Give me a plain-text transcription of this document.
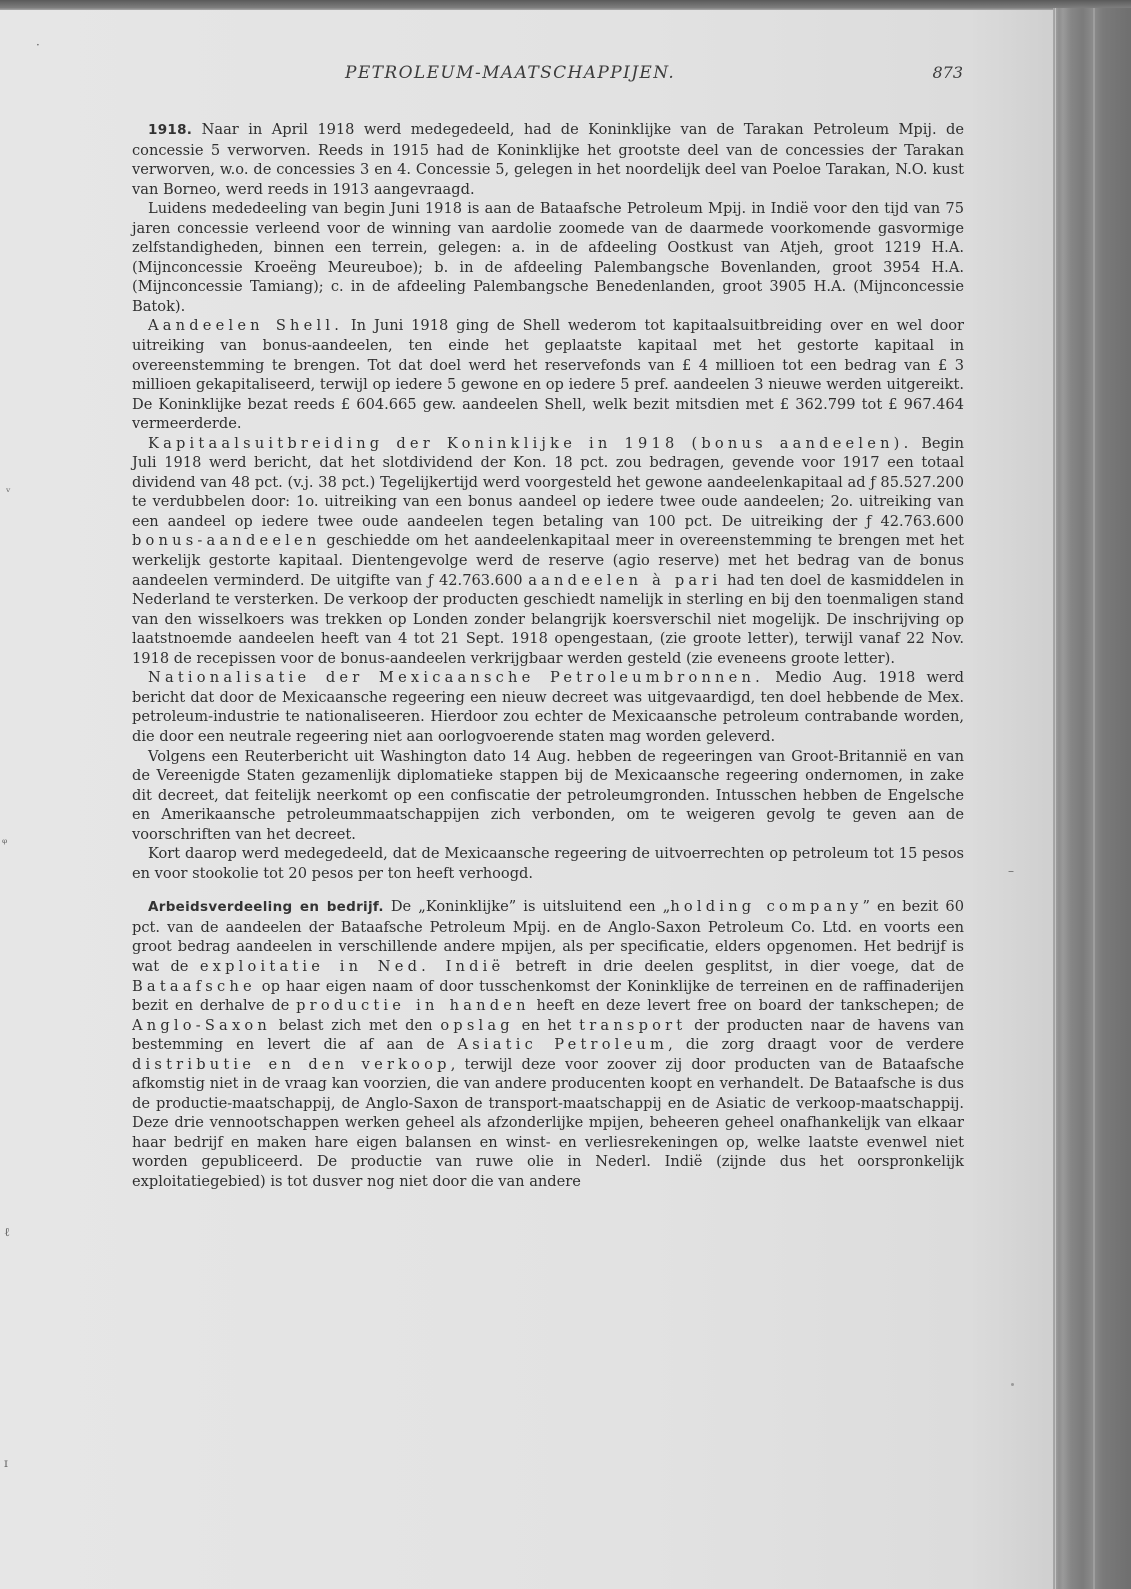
·
ᵛ
ᵠ
ℓ
ɪ
–
PETROLEUM-MAATSCHAPPIJEN.	873

1918. Naar in April 1918 werd medegedeeld, had de Koninklijke van de Tarakan Petroleum Mpij. de concessie 5 verworven. Reeds in 1915 had de Koninklijke het grootste deel van de concessies der Tarakan verworven, w.o. de concessies 3 en 4. Concessie 5, gelegen in het noordelijk deel van Poeloe Tarakan, N.O. kust van Borneo, werd reeds in 1913 aangevraagd.

Luidens mededeeling van begin Juni 1918 is aan de Bataafsche Petroleum Mpij. in Indië voor den tijd van 75 jaren concessie verleend voor de winning van aardolie zoomede van de daarmede voorkomende gasvormige zelfstandigheden, binnen een terrein, gelegen: a. in de afdeeling Oostkust van Atjeh, groot 1219 H.A. (Mijnconcessie Kroeëng Meureuboe); b. in de afdeeling Palembangsche Bovenlanden, groot 3954 H.A. (Mijnconcessie Tamiang); c. in de afdeeling Palembangsche Benedenlanden, groot 3905 H.A. (Mijnconcessie Batok).

Aandeelen Shell. In Juni 1918 ging de Shell wederom tot kapitaalsuitbreiding over en wel door uitreiking van bonus-aandeelen, ten einde het geplaatste kapitaal met het gestorte kapitaal in overeenstemming te brengen. Tot dat doel werd het reservefonds van £ 4 millioen tot een bedrag van £ 3 millioen gekapitaliseerd, terwijl op iedere 5 gewone en op iedere 5 pref. aandeelen 3 nieuwe werden uitgereikt. De Koninklijke bezat reeds £ 604.665 gew. aandeelen Shell, welk bezit mitsdien met £ 362.799 tot £ 967.464 vermeerderde.

Kapitaalsuitbreiding der Koninklijke in 1918 (bonus aandeelen). Begin Juli 1918 werd bericht, dat het slotdividend der Kon. 18 pct. zou bedragen, gevende voor 1917 een totaal dividend van 48 pct. (v.j. 38 pct.) Tegelijkertijd werd voorgesteld het gewone aandeelenkapitaal ad ƒ 85.527.200 te verdubbelen door: 1o. uitreiking van een bonus aandeel op iedere twee oude aandeelen; 2o. uitreiking van een aandeel op iedere twee oude aandeelen tegen betaling van 100 pct. De uitreiking der ƒ 42.763.600 bonus-aandeelen geschiedde om het aandeelenkapitaal meer in overeenstemming te brengen met het werkelijk gestorte kapitaal. Dientengevolge werd de reserve (agio reserve) met het bedrag van de bonus aandeelen verminderd. De uitgifte van ƒ 42.763.600 aandeelen à pari had ten doel de kasmiddelen in Nederland te versterken. De verkoop der producten geschiedt namelijk in sterling en bij den toenmaligen stand van den wisselkoers was trekken op Londen zonder belangrijk koersverschil niet mogelijk. De inschrijving op laatstnoemde aandeelen heeft van 4 tot 21 Sept. 1918 opengestaan, (zie groote letter), terwijl vanaf 22 Nov. 1918 de recepissen voor de bonus-aandeelen verkrijgbaar werden gesteld (zie eveneens groote letter).

Nationalisatie der Mexicaansche Petroleumbronnen. Medio Aug. 1918 werd bericht dat door de Mexicaansche regeering een nieuw decreet was uitgevaardigd, ten doel hebbende de Mex. petroleum-industrie te nationaliseeren. Hierdoor zou echter de Mexicaansche petroleum contrabande worden, die door een neutrale regeering niet aan oorlogvoerende staten mag worden geleverd.

Volgens een Reuterbericht uit Washington dato 14 Aug. hebben de regeeringen van Groot-Britannië en van de Vereenigde Staten gezamenlijk diplomatieke stappen bij de Mexicaansche regeering ondernomen, in zake dit decreet, dat feitelijk neerkomt op een confiscatie der petroleumgronden. Intusschen hebben de Engelsche en Amerikaansche petroleummaatschappijen zich verbonden, om te weigeren gevolg te geven aan de voorschriften van het decreet.

Kort daarop werd medegedeeld, dat de Mexicaansche regeering de uitvoerrechten op petroleum tot 15 pesos en voor stookolie tot 20 pesos per ton heeft verhoogd.

Arbeidsverdeeling en bedrijf. De „Koninklijke” is uitsluitend een „holding company” en bezit 60 pct. van de aandeelen der Bataafsche Petroleum Mpij. en de Anglo-Saxon Petroleum Co. Ltd. en voorts een groot bedrag aandeelen in verschillende andere mpijen, als per specificatie, elders opgenomen. Het bedrijf is wat de exploitatie in Ned. Indië betreft in drie deelen gesplitst, in dier voege, dat de Bataafsche op haar eigen naam of door tusschenkomst der Koninklijke de terreinen en de raffinaderijen bezit en derhalve de productie in handen heeft en deze levert free on board der tankschepen; de Anglo-Saxon belast zich met den opslag en het transport der producten naar de havens van bestemming en levert die af aan de Asiatic Petroleum, die zorg draagt voor de verdere distributie en den verkoop, terwijl deze voor zoover zij door producten van de Bataafsche afkomstig niet in de vraag kan voorzien, die van andere producenten koopt en verhandelt. De Bataafsche is dus de productie-maatschappij, de Anglo-Saxon de transport-maatschappij en de Asiatic de verkoop-maatschappij. Deze drie vennootschappen werken geheel als afzonderlijke mpijen, beheeren geheel onafhankelijk van elkaar haar bedrijf en maken hare eigen balansen en winst- en verliesrekeningen op, welke laatste evenwel niet worden gepubliceerd. De productie van ruwe olie in Nederl. Indië (zijnde dus het oorspronkelijk exploitatiegebied) is tot dusver nog niet door die van andere
